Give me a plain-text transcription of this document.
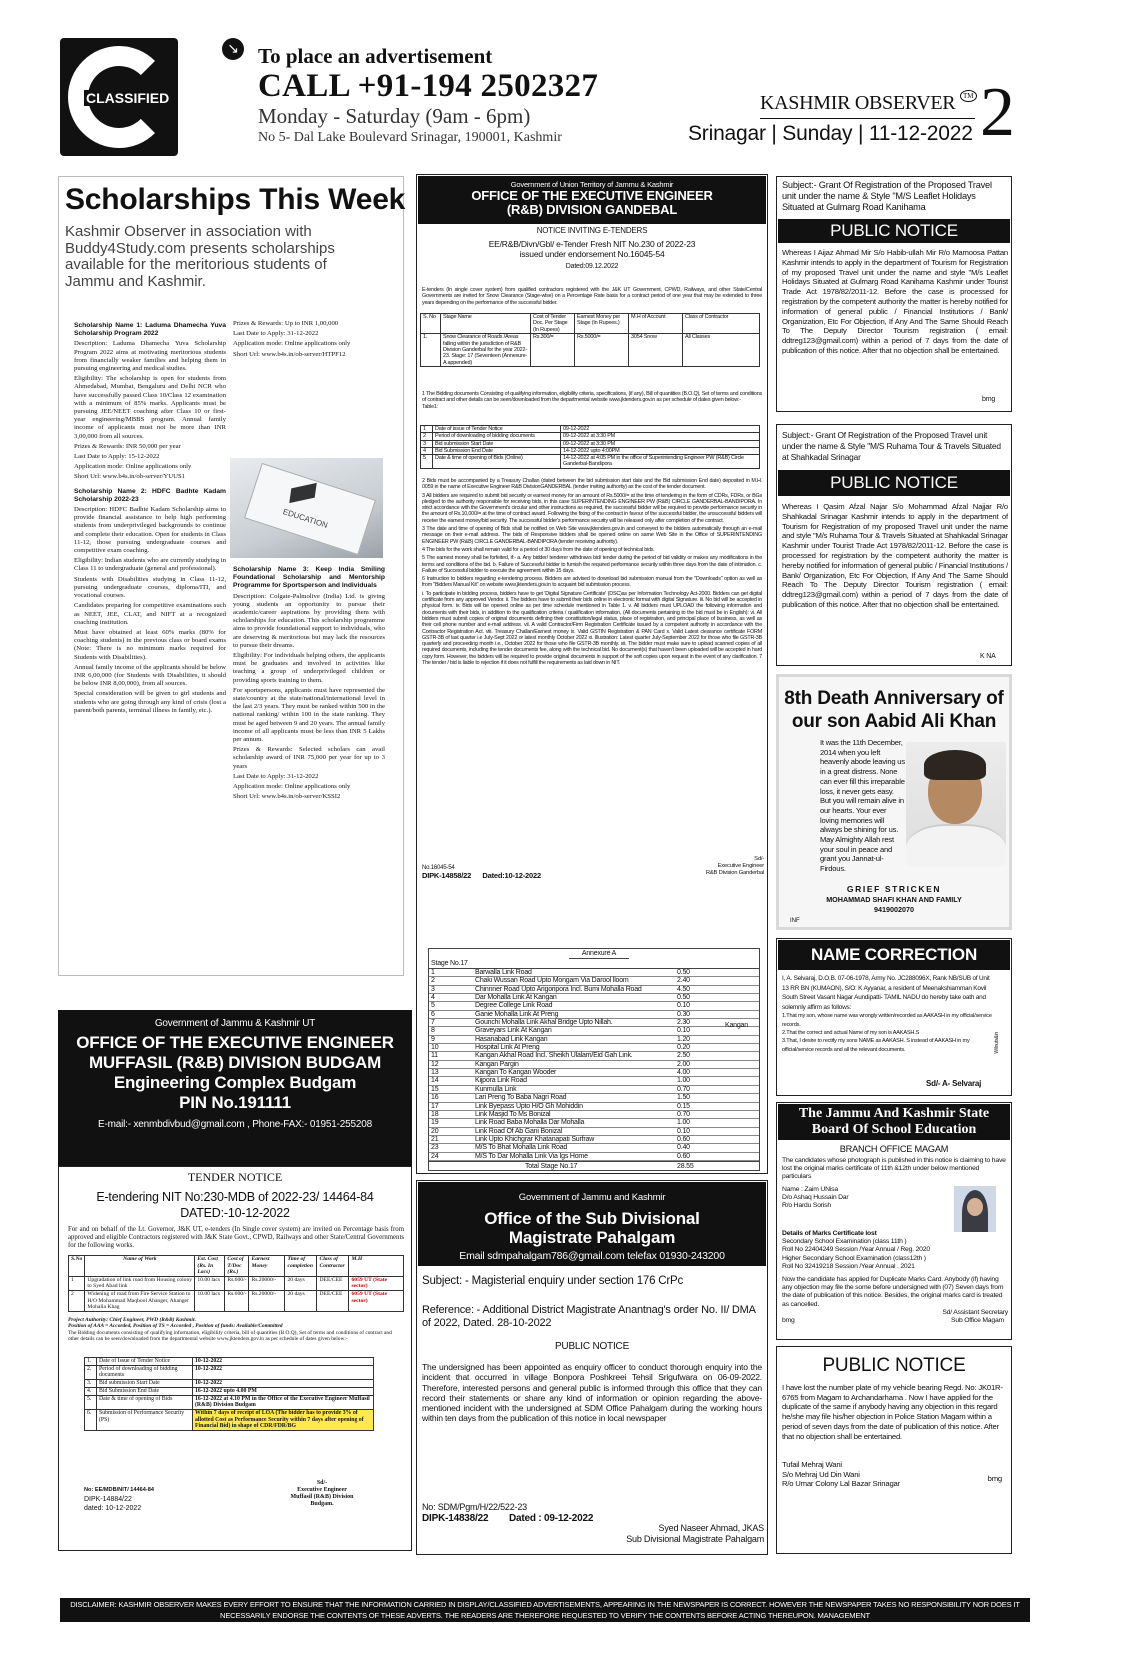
CLASSIFIED
↘ To place an advertisement
CALL +91-194 2502327
Monday - Saturday (9am - 6pm)
No 5- Dal Lake Boulevard Srinagar, 190001, Kashmir
KASHMIR OBSERVER	TM
Srinagar | Sunday | 11-12-2022 2
Scholarships This Week
Kashmir Observer in association with Buddy4Study.com presents scholarships available for the meritorious students of Jammu and Kashmir.

Scholarship Name 1: Laduma Dhamecha Yuva Scholarship Program 2022

Description: Laduma Dhamecha Yuva Scholarship Program 2022 aims at motivating meritorious students from financially weaker families and helping them in pursuing engineering and medical studies.

Eligibility: The scholarship is open for students from Ahmedabad, Mumbai, Bengaluru and Delhi NCR who have successfully passed Class 10/Class 12 examination with a minimum of 85% marks. Applicants must be pursuing JEE/NEET coaching after Class 10 or first-year engineering/MBBS program. Annual family income of applicants must not be more than INR 3,00,000 from all sources.

Prizes & Rewards: INR 50,000 per year

Last Date to Apply: 15-12-2022

Application mode: Online applications only

Short Url: www.b4s.in/ob-server/YUUS1

Scholarship Name 2: HDFC Badhte Kadam Scholarship 2022-23

Description: HDFC Badhte Kadam Scholarship aims to provide financial assistance to help high performing students from underprivileged backgrounds to continue and complete their education. Open for students in Class 11-12, those pursuing undergraduate courses and competitive exam coaching.

Eligibility: Indian students who are currently studying in Class 11 to undergraduate (general and professional).

Students with Disabilities studying in Class 11-12, pursuing undergraduate courses, diploma/ITI, and vocational courses.

Candidates preparing for competitive examinations such as NEET, JEE, CLAT, and NIFT at a recognized coaching institution.

Must have obtained at least 60% marks (80% for coaching students) in the previous class or board exams (Note: There is no minimum marks required for Students with Disabilities).

Annual family income of the applicants should be below INR 6,00,000 (for Students with Disabilities, it should be below INR 8,00,000), from all sources.

Special consideration will be given to girl students and students who are going through any kind of crisis (lost a parent/both parents, terminal illness in family, etc.).

Prizes & Rewards: Up to INR 1,00,000

Last Date to Apply: 31-12-2022

Application mode: Online applications only

Short Url: www.b4s.in/ob-server/HTPF12

EDUCATION

Scholarship Name 3: Keep India Smiling Foundational Scholarship and Mentorship Programme for Sportsperson and Individuals

Description: Colgate-Palmolive (India) Ltd. is giving young students an opportunity to pursue their academic/career aspirations by providing them with scholarships for education. This scholarship programme aims to provide foundational support to individuals, who are deserving & meritorious but may lack the resources to pursue their dreams.

Eligibility: For individuals helping others, the applicants must be graduates and involved in activities like teaching a group of underprivileged children or providing sports training to them.

For sportspersons, applicants must have represented the state/country at the state/national/international level in the last 2/3 years. They must be ranked within 500 in the national ranking/ within 100 in the state ranking. They must be aged between 9 and 20 years. The annual family income of all applicants must be less than INR 5 Lakhs per annum.

Prizes & Rewards: Selected scholars can avail scholarship award of INR 75,000 per year for up to 3 years

Last Date to Apply: 31-12-2022

Application mode: Online applications only

Short Url: www.b4s.in/ob-server/KSSI2

Government of Jammu & Kashmir UT
OFFICE OF THE EXECUTIVE ENGINEER
MUFFASIL (R&B) DIVISION BUDGAM
Engineering Complex Budgam
PIN No.191111
E-mail:- xenmbdivbud@gmail.com , Phone-FAX:- 01951-255208
TENDER NOTICE
E-tendering NIT No:230-MDB of 2022-23/ 14464-84
DATED:-10-12-2022
For and on behalf of the Lt. Governor, J&K UT, e-tenders (In Single cover system) are invited on Percentage basis from approved and eligible Contractors registered with J&K State Govt., CPWD, Railways and other State/Central Governments for the following works.
S.No	Name of Work	Est. Cost (Rs. In Lacs)	Cost of T/Doc (Rs.)	Earnest Money	Time of completion	Class of Contractor	M.H
1	Upgradation of link road from Housing colony to Syed Abad link	10.00 lacs	Rs.600/-	Rs.20000/-	20 days	DEE/CEE	6059 UT (State sector)
2	Widening of road from Fire Service Station to H/O Mohammad Maqbool Ahanger, Ahanger Mohalla Khag	10.00 lacs	Rs.600/-	Rs.20000/-	20 days	DEE/CEE	6059 UT (State sector)
Project Authority: Chief Engineer, PWD (R&B) Kashmir.
Position of AAA = Accorded, Position of TS = Accorded , Position of funds: Available/Committed
The Bidding documents consisting of qualifying information, eligibility criteria, bill of quantities (B.O.Q), Set of terms and conditions of contract and other details can be seen/downloaded from the departmental website www.jktenders.gov.in as per schedule of dates given below:-
1.	Date of Issue of Tender Notice	10-12-2022
2.	Period of downloading of bidding documents	10-12-2022
3.	Bid submission Start Date	10-12-2022
4.	Bid Submission End Date	16-12-2022 upto 4.00 PM
5.	Date & time of opening of Bids	16-12-2022 at 4.10 PM in the Office of the Executive Engineer Muffasil (R&B) Division Budgam
6.	Submission of Performance Security (PS)	Within 7 days of receipt of LOA (The bidder has to provide 3% of allotted Cost as Performance Security within 7 days after opening of Financial Bid) in shape of CDR/FDR/BG
No: EE/MDB/NIT/ 14464-84
DIPK-14884/22
dated: 10-12-2022
Sd/-
Executive Engineer
Muffasil (R&B) Division
Budgam.
Government of Union Territory of Jammu & Kashmir
OFFICE OF THE EXECUTIVE ENGINEER
(R&B) DIVISION GANDEBAL
NOTICE INVITING E-TENDERS
EE/R&B/Divn/Gbl/ e-Tender Fresh NIT No.230 of 2022-23
issued under endorsement No.16045-54
Dated:09.12.2022
E-tenders (In single cover system) from qualified contractors registered with the J&K UT Government, CPWD, Railways, and other State/Central Governments are invited for Snow Clearance (Stage-wise) on a Percentage Rate basis for a contract period of one year that may be extended to three years depending on the performance of the successful bidder.
S. No	Stage Name	Cost of Tender Doc. Per Stage (In Rupees)	Earnest Money per Stage (In Rupees.)	M.H of Account	Class of Contractor
1.	Snow Clearance of Roads /Areas falling within the jurisdiction of R&B Division Ganderbal for the year 2022-23. Stage: 17 (Seventeen (Annexure-A appended)	Rs.300/=	Rs.5000/=	3054 Snow	All Classes
1 The Bidding documents Consisting of qualifying information, eligibility criteria, specifications, (if any), Bill of quantities (B.O.Q), Set of terms and conditions of contract and other details can be seen/downloaded from the departmental website www.jktenders.gov.in as per schedule of dates given below:-
Table1:
1	Date of issue of Tender Notice	09-12-2022
2	Period of downloading of bidding documents	09-12-2022 at 3:30 PM
3	Bid submission Start Date	09-12-2022 at 3:30 PM
4	Bid Submission End Date	14-12-2022 upto 4:00PM
5	Date & time of opening of Bids (Online)	14-12-2022 at 4:05 PM in the office of Superintending Engineer PW (R&B) Circle Ganderbal-Bandipora

2 Bids must be accompanied by a Treasury Challan (dated between the bid submission start date and the Bid submission End date) deposited in M.H. 0059 in the name of Executive Engineer R&B DivisionGANDERBAL (tender inviting authority) as the cost of the tender document.

3 All bidders are required to submit bid security or earnest money for an amount of Rs.5000/= at the time of tendering in the form of CDRs, FDRs, or BGs pledged to the authority responsible for receiving bids, in this case SUPERINTENDING ENGINEER PW (R&B) CIRCLE GANDERBAL-BANDIPORA. In strict accordance with the Government's circular and other instructions as required, the successful bidder will be required to provide performance security in the amount of Rs.10,000/= at the time of contract award. Following the fixing of the contract in favour of the successful bidder, the unsuccessful bidders will receive the earnest money/bid security. The successful bidder's performance security will be released only after completion of the contract.

3 The date and time of opening of Bids shall be notified on Web Site www.jktenders.gov.in and conveyed to the bidders automatically through an e-mail message on their e-mail address. The bids of Responsive bidders shall be opened online on same Web Site in the Office of SUPERINTENDING ENGINEER PW (R&B) CIRCLE GANDERBAL-BANDIPORA (tender receiving authority).

4 The bids for the work shall remain valid for a period of 30 days from the date of opening of technical bids.

5 The earnest money shall be forfeited, if:- a. Any bidder/ tenderer withdraws bid/ tender during the period of bid validity or makes any modifications in the terms and conditions of the bid. b. Failure of Successful bidder to furnish the required performance security within three days from the date of intimation. c. Failure of Successful bidder to execute the agreement within 15 days.

6 Instruction to bidders regarding e-tendering process. Bidders are advised to download bid submission manual from the "Downloads" option as well as from "Bidders Manual Kit" on website www.jktenders.gov.in to acquaint bid submission process.

i. To participate in bidding process, bidders have to get 'Digital Signature Certificate' (DSC)as per Information Technology Act-2000. Bidders can get digital certificate from any approved Vendor. ii. The bidders have to submit their bids online in electronic format with digital Signature. iii. No bid will be accepted in physical form. iv. Bids will be opened online as per time schedule mentioned in Table 1. v. All bidders must UPLOAD the following information and documents with their bids, in addition to the qualification criteria / qualification information, (All documents pertaining to the bid must be in English): vi. All bidders must submit copies of original documents defining their constitution/legal status, place of registration, and principal place of business, as well as their cell phone number and e-mail address. vii. A valid Contractor/Firm Registration Certificate issued by a competent authority in accordance with the Contractor Registration Act. viii. Treasury Challan/Earnest money ix. Valid GSTIN Registration & PAN Card x. Valid Latest clearance certificate FORM GSTR-3B of last quarter i.e July-Sept 2022 or latest monthly October 2022 xi. Illustration: Latest quarter July-September 2022 for those who file GSTR-3B quarterly and proceeding month i.e., October 2022 for those who file GSTR-3B monthly. xii. The bidder must make sure to upload scanned copies of all required documents, including the tender documents fee, along with the technical bid. No document(s) that haven't been uploaded will be accepted in hard copy form. However, the bidders will be required to provide original documents in support of the soft copies upon request in the event of any clarification. 7 The tender / bid is liable to rejection if it does not fulfill the requirements as laid down in NIT.

No.16045-54
DIPK-14858/22 Dated:10-12-2022
Sd/-
Executive Engineer
R&B Division Ganderbal
Annexure A
Stage No.17
1	Barwalla Link Road	0.50
2	Chaki Wussan Road Upto Mongam Via Darool lloom	2.40
3	Chinnner Road Upto Arigoripora Incl. Bumi Mohalla Road	4.50
4	Dar Mohalla Link At Kangan	0.50
5	Degree College Link Road	0.10
6	Ganie Mohalla Link At Preng	0.30
7	Gounchi Mohalla Link Akhal Bridge Upto Nillah.	2.30
8	Graveyars Link At Kangan	0.10
9	Hasanabad Link Kangan	1.20
10	Hospital Link At Preng	0.20
11	Kangan Akhal Road Incl. Sheikh Ulalam/Eid Gah Link.	2.50
12	Kangan Pargin	2.00
13	Kangan To Kangan Wooder	4.00
14	Kijpora Link Road	1.00
15	Kunmulla Link	0.70
16	Lari Preng To Baba Nagri Road	1.50
17	Link Byepass Upto H/O Gh Mohiddin	0.15
18	Link Masjid To Ms Bonizal	0.70
19	Link Road Baba Mohalla Dar Mohalla	1.00
20	Link Road Of Ab Gani Bonizal	0.10
21	Link Upto Khichgrar Khatanapati Surfraw	0.60
23	M/S To Bhat Mohalla Link Road	0.40
24	M/S To Dar Mohalla Link Via Igs Home	0.60
Total Stage No.17	28.55
Kangan
Government of Jammu and Kashmir
Office of the Sub Divisional
Magistrate Pahalgam
Email sdmpahalgam786@gmail.com telefax 01930-243200
Subject: - Magisterial enquiry under section 176 CrPc
Reference: - Additional District Magistrate Anantnag's order No. II/ DMA of 2022, Dated. 28-10-2022
PUBLIC NOTICE
The undersigned has been appointed as enquiry officer to conduct thorough enquiry into the incident that occurred in village Bonpora Poshkreei Tehsil Srigufwara on 06-09-2022. Therefore, interested persons and general public is informed through this office that they can record their statements or share any kind of information or opinion regarding the above-mentioned incident with the undersigned at SDM Office Pahalgam during the working hours within ten days from the publication of this notice in local newspaper
No: SDM/Pgm/H/22/522-23
DIPK-14838/22 Dated : 09-12-2022
Syed Naseer Ahmad, JKAS
Sub Divisional Magistrate Pahalgam
Subject:- Grant Of Registration of the Proposed Travel unit under the name & Style "M/S Leaflet Holidays Situated at Gulmarg Road Kanihama
PUBLIC NOTICE
Whereas I Aijaz Ahmad Mir S/o Habib-ullah Mir R/o Mamoosa Pattan Kashmir intends to apply in the department of Tourism for Registration of my proposed Travel unit under the name and style "M/s Leaflet Holidays Situated at Gulmarg Road Kanihama Kashmir under Tourist Trade Act 1978/82/2011-12. Before the case is processed for registration by the competent authority the matter is hereby notified for information of general public / Financial Institutions / Bank/ Organization, Etc For Objection, If Any And The Same Should Reach To The Deputy Director Tourism registration ( email: ddtreg123@gmail.com) within a period of 7 days from the date of publication of this notice. After that no objection shall be entertained.
bmg
Subject:- Grant Of Registration of the Proposed Travel unit under the name & Style "M/S Ruhama Tour & Travels Situated at Shahkadal Srinagar
PUBLIC NOTICE
Whereas I Qasim Afzal Najar S/o Mohammad Afzal Najjar R/o Shahkadal Srinagar Kashmir intends to apply in the department of Tourism for Registration of my proposed Travel unit under the name and style "M/s Ruhama Tour & Travels Situated at Shahkadal Srinagar Kashmir under Tourist Trade Act 1978/82/2011-12. Before the case is processed for registration by the competent authority the matter is hereby notified for information of general public / Financial Institutions / Bank/ Organization, Etc For Objection, If Any And The Same Should Reach To The Deputy Director Tourism registration ( email: ddtreg123@gmail.com) within a period of 7 days from the date of publication of this notice. After that no objection shall be entertained.
K NA
8th Death Anniversary of
our son Aabid Ali Khan
It was the 11th December, 2014 when you left heavenly abode leaving us in a great distress. None can ever fill this irreparable loss, it never gets easy. But you will remain alive in our hearts. Your ever loving memories will always be shining for us. May Almighty Allah rest your soul in peace and grant you Jannat-ul-Firdous.
GRIEF STRICKEN
MOHAMMAD SHAFI KHAN AND FAMILY
9419002070
INF
NAME CORRECTION
I, A. Selvaraj, D.O.B. 07-06-1978, Army No. JC288096X, Rank NB/SUB of Unit 13 RR BN (KUMAON), S/O: K Ayyanar, a resident of Meenakshiamman Kovil South Street Vasant Nagar Aundipatti- TAMIL NADU do hereby take oath and solemnly affirm as follows:
1.That my son, whose name was wrongly written/recorded as AAKASH in my official/service records.
2.That the correct and actual Name of my son is AAKASH.S
3.That, I desire to rectify my sons NAME as AAKASH. S instead of AAKASH in my official/service records and all the relevant documents.	Wilnuts&in
Sd/- A- Selvaraj
The Jammu And Kashmir State
Board Of School Education
BRANCH OFFICE MAGAM
The candidates whose photograph is published in this notice is claiming to have lost the original marks certificate of 11th &12th under below mentioned particulars
Name : Zaim UNisa
D/o Ashaq Hussain Dar
R/o Hardu Sorish
Details of Marks Certificate lost
Secondary School Examination (class 11th )
Roll No 22404249 Session /Year Annual / Reg. 2020
Higher Secondary School Examination (class12th )
Roll No 32419218 Session /Year Annual . 2021
Now the candidate has applied for Duplicate Marks Card. Anybody (if) having any objection may file the some before undersigned with (07) Seven days from the date of publication of this notice. Besides, the original marks card is treated as cancelled.
Sd/ Assistant Secretary
bmg	Sub Office Magam
PUBLIC NOTICE
I have lost the number plate of my vehicle bearing Regd. No: JK01R- 6765 from Magam to Archandarhama . Now I have applied for the duplicate of the same if anybody having any objection in this regard he/she may file his/her objection in Police Station Magam within a period of seven days from the date of publication of this notice. After that no objection shall be entertained.
Tufail Mehraj Wani
S/o Mehraj Ud Din Wani	bmg
R/o Umar Colony Lal Bazar Srinagar
DISCLAIMER: KASHMIR OBSERVER MAKES EVERY EFFORT TO ENSURE THAT THE INFORMATION CARRIED IN DISPLAY/CLASSIFIED ADVERTISEMENTS, APPEARING IN THE NEWSPAPER IS CORRECT. HOWEVER THE NEWSPAPER TAKES NO RESPONSIBILITY NOR DOES IT NECESSARILY ENDORSE THE CONTENTS OF THESE ADVERTS. THE READERS ARE THEREFORE REQUESTED TO VERIFY THE CONTENTS BEFORE ACTING THEREUPON. MANAGEMENT
